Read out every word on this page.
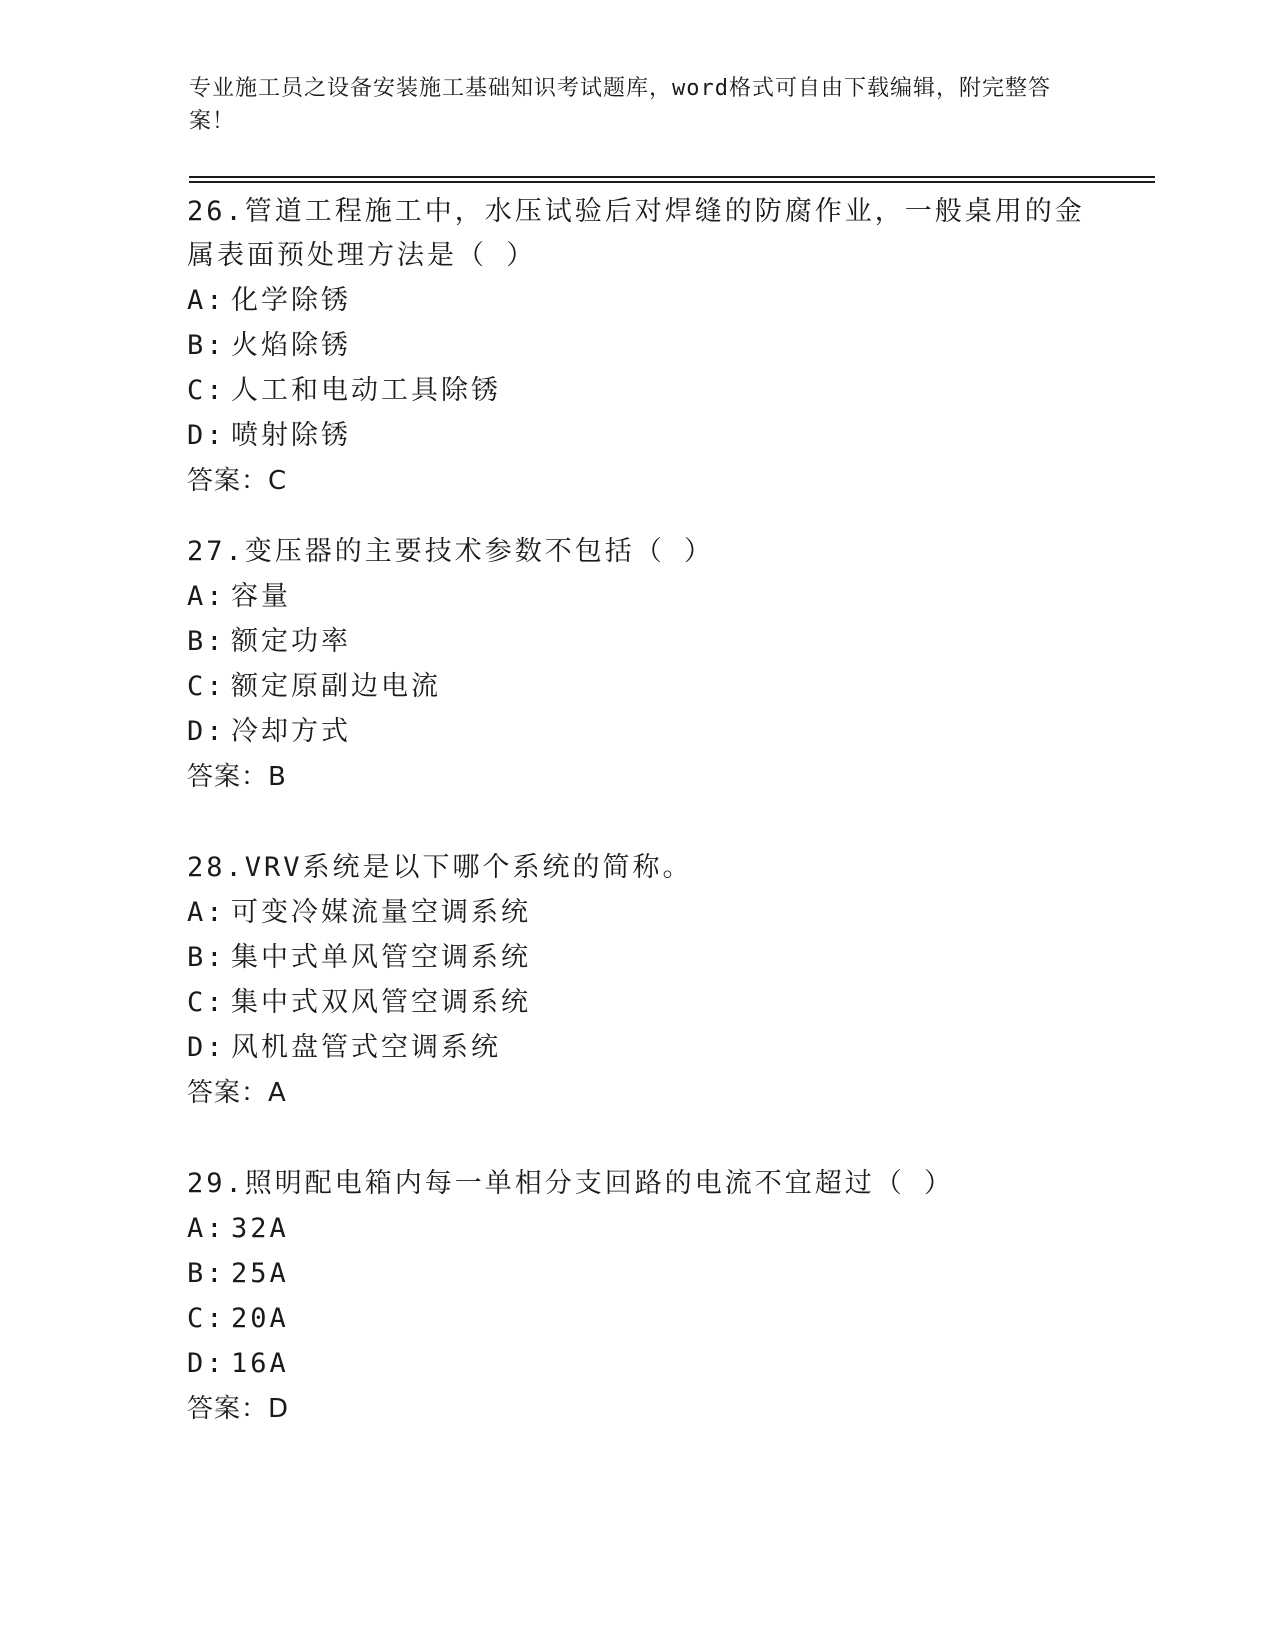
专业施工员之设备安装施工基础知识考试题库，word格式可自由下载编辑，附完整答案！

26.管道工程施工中，水压试验后对焊缝的防腐作业，一般桌用的金属表面预处理方法是（ ）

A: 化学除锈
B: 火焰除锈
C: 人工和电动工具除锈
D: 喷射除锈
答案：C

27.变压器的主要技术参数不包括（ ）

A: 容量
B: 额定功率
C: 额定原副边电流
D: 冷却方式
答案：B

28.VRV系统是以下哪个系统的简称。

A: 可变冷媒流量空调系统
B: 集中式单风管空调系统
C: 集中式双风管空调系统
D: 风机盘管式空调系统
答案：A

29.照明配电箱内每一单相分支回路的电流不宜超过（ ）

A: 32A
B: 25A
C: 20A
D: 16A
答案：D
